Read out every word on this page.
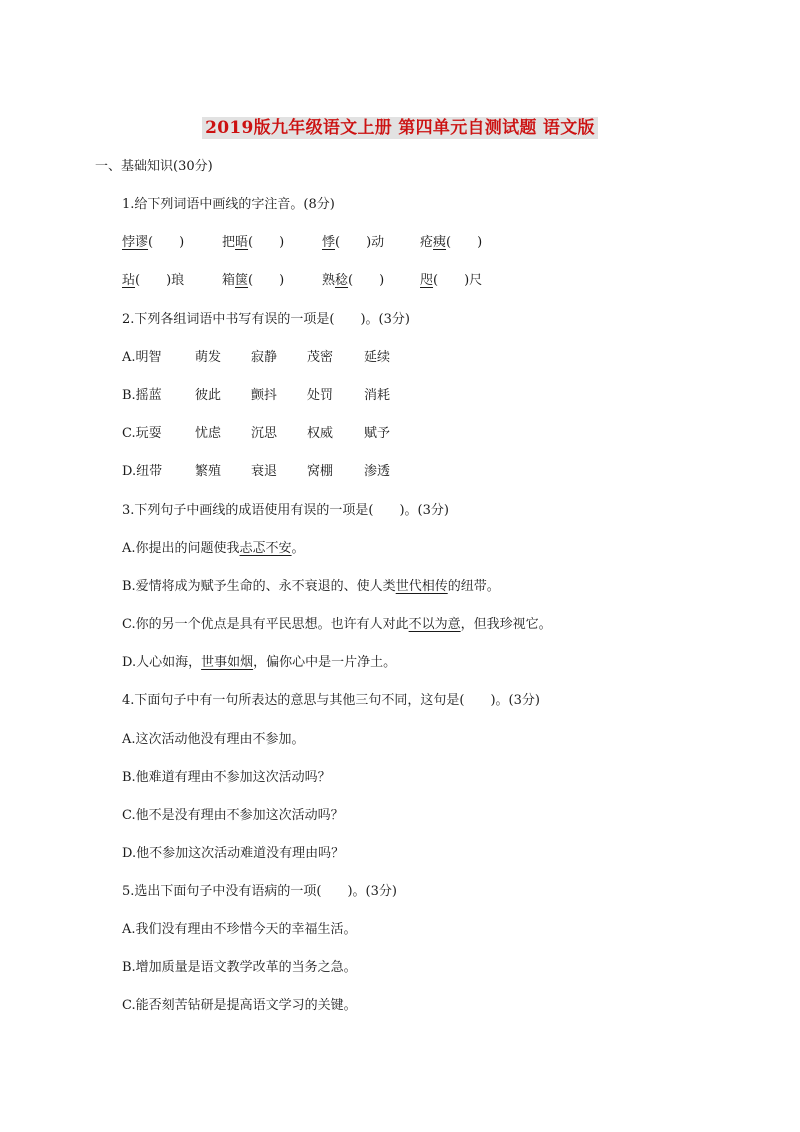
2019版九年级语文上册 第四单元自测试题 语文版
一、基础知识(30分)
1.给下列词语中画线的字注音。(8分)
悖谬(　　)	把晤(　　)	悸(　　)动	疮痍(　　)
玷(　　)琅	箱箧(　　)	熟稔(　　)	咫(　　)尺
2.下列各组词语中书写有误的一项是(　　)。(3分)
A.明智	萌发 寂静 茂密 延续
B.摇蓝	彼此 颤抖 处罚 消耗
C.玩耍	忧虑 沉思 权威 赋予
D.纽带	繁殖 衰退 窝棚 渗透
3.下列句子中画线的成语使用有误的一项是(　　)。(3分)
A.你提出的问题使我忐忑不安。
B.爱情将成为赋予生命的、永不衰退的、使人类世代相传的纽带。
C.你的另一个优点是具有平民思想。也许有人对此不以为意，但我珍视它。
D.人心如海，世事如烟，偏你心中是一片净土。
4.下面句子中有一句所表达的意思与其他三句不同，这句是(　　)。(3分)
A.这次活动他没有理由不参加。
B.他难道有理由不参加这次活动吗？
C.他不是没有理由不参加这次活动吗？
D.他不参加这次活动难道没有理由吗？
5.选出下面句子中没有语病的一项(　　)。(3分)
A.我们没有理由不珍惜今天的幸福生活。
B.增加质量是语文教学改革的当务之急。
C.能否刻苦钻研是提高语文学习的关键。
